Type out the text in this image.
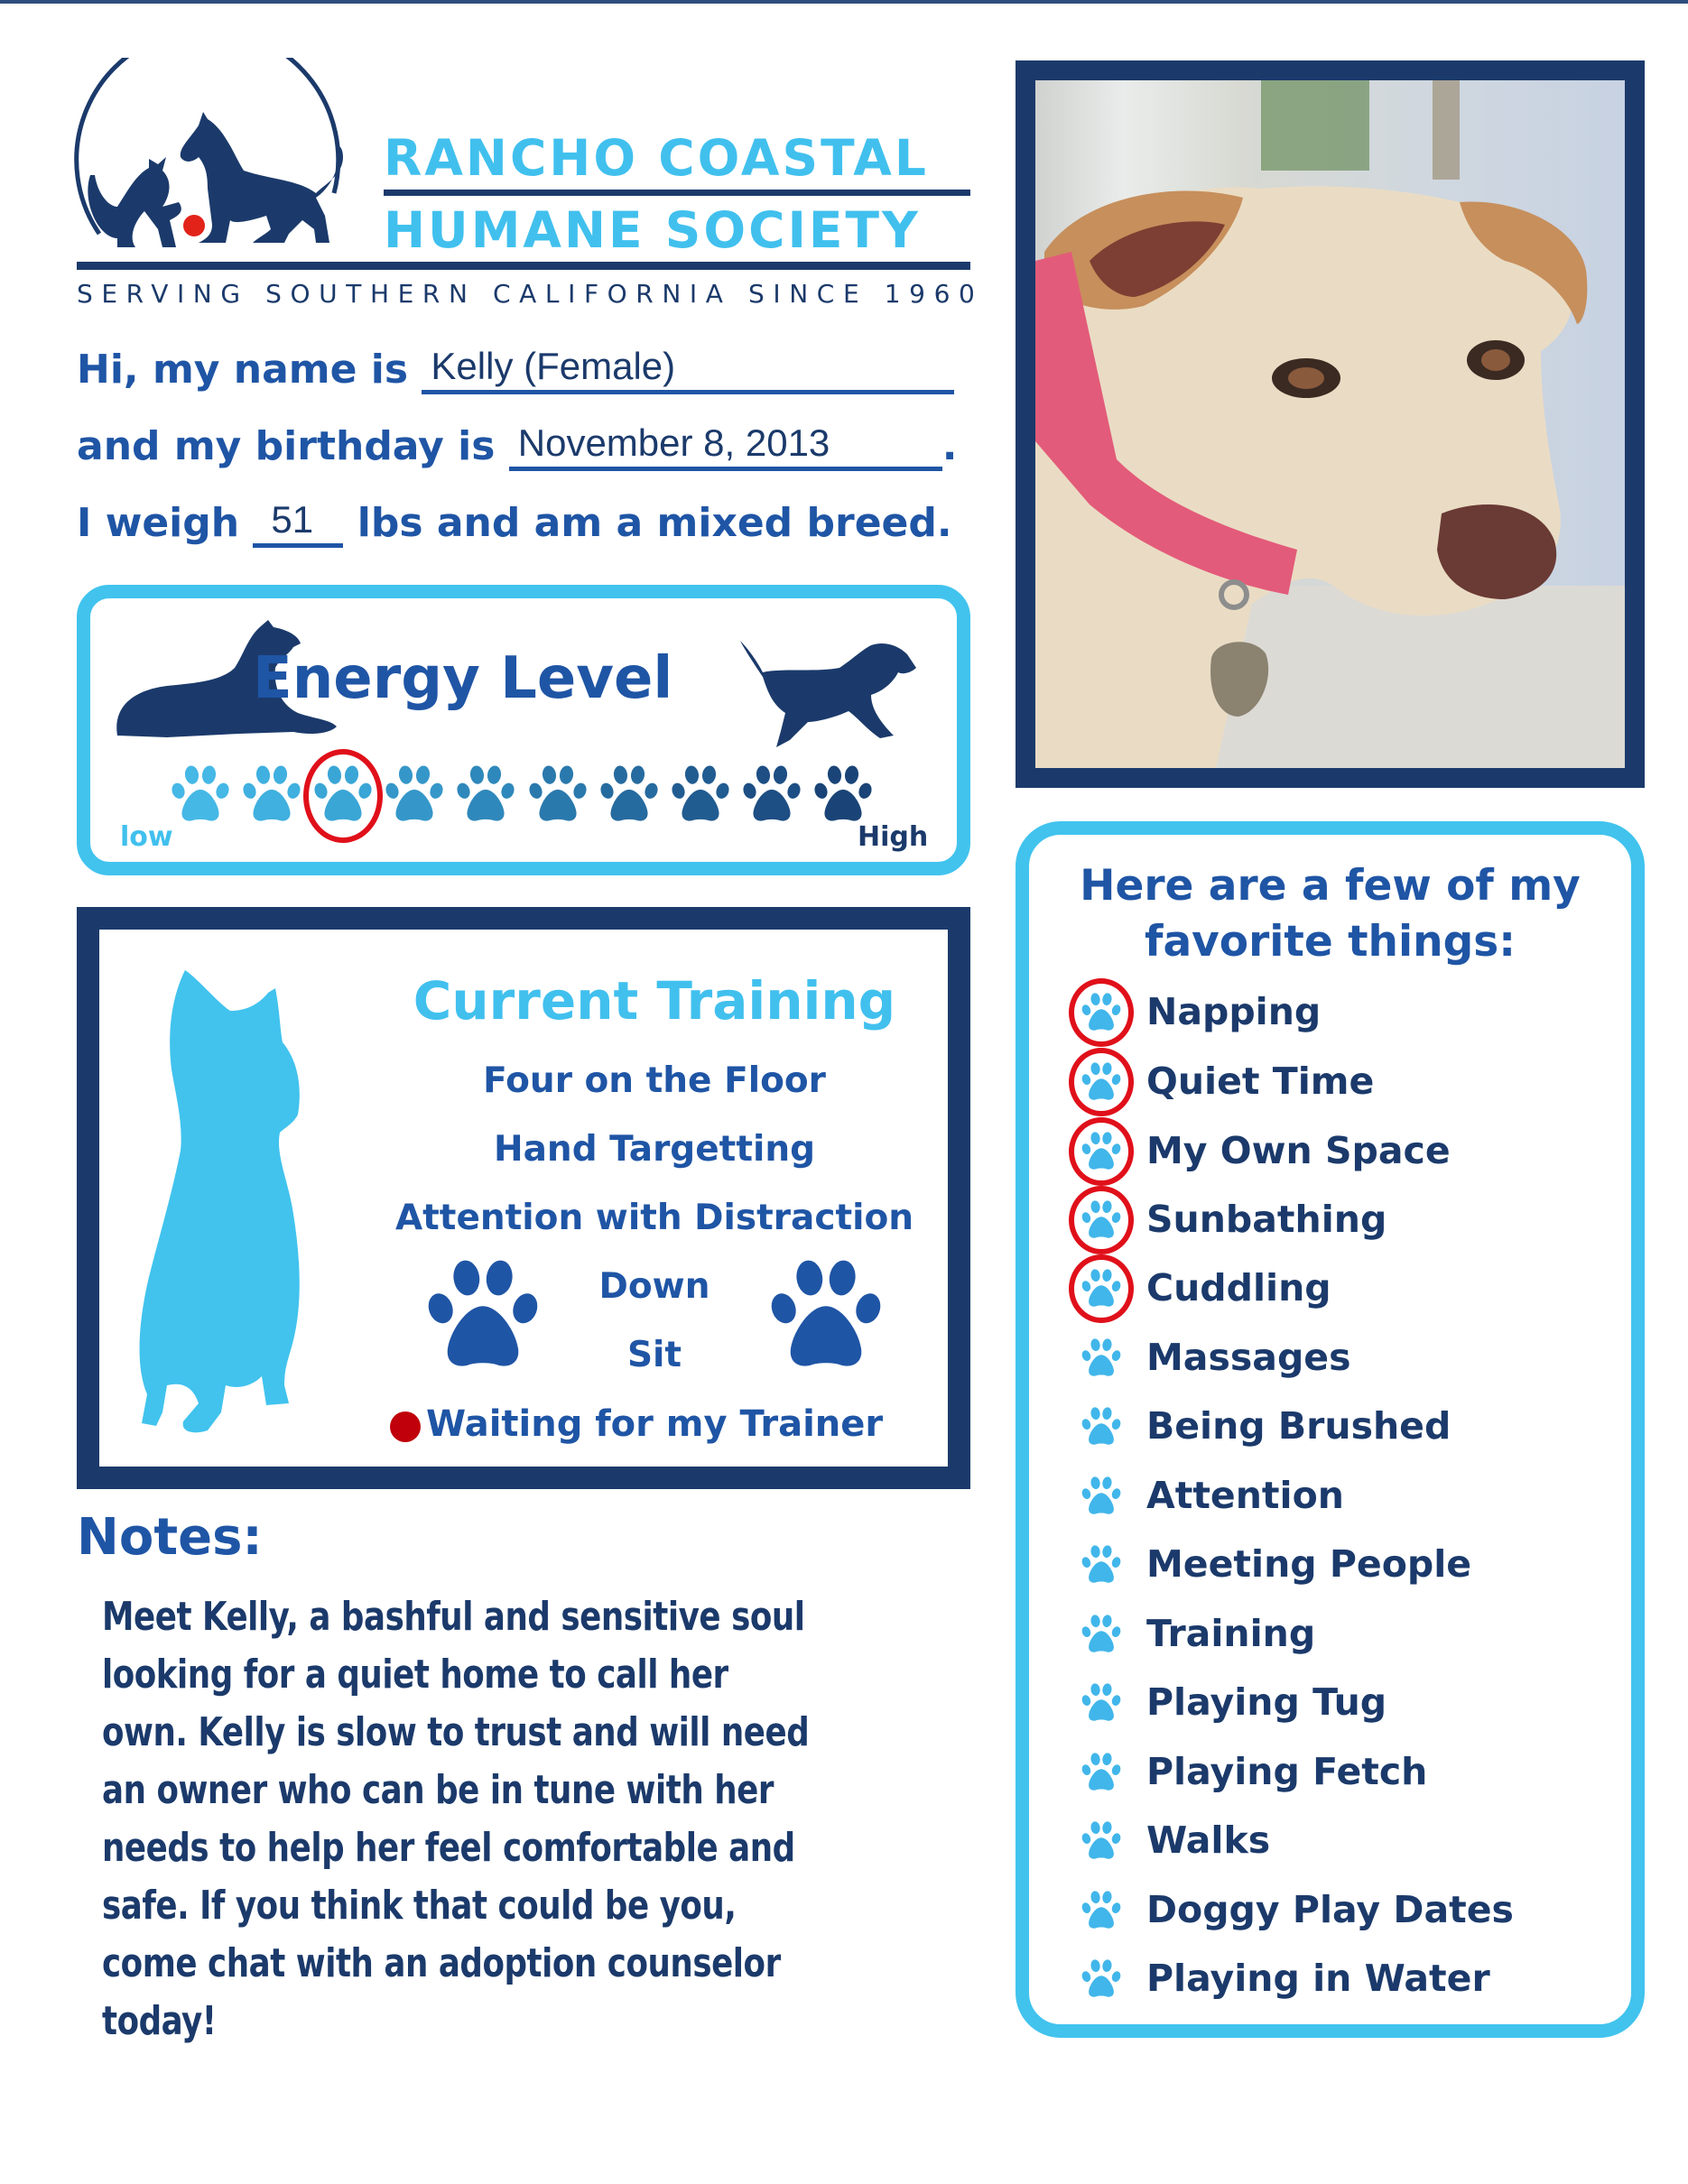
RANCHO COASTAL
HUMANE SOCIETY
SERVING SOUTHERN CALIFORNIA SINCE 1960
Hi, my name is Kelly (Female)
and my birthday is November 8, 2013	.
I weigh 51 lbs and am a mixed breed.
Energy Level
low	High
Current Training
Four on the Floor
Hand Targetting
Attention with Distraction
Down
Sit
Waiting for my Trainer
Notes:
Meet Kelly, a bashful and sensitive soul
looking for a quiet home to call her
own. Kelly is slow to trust and will need
an owner who can be in tune with her
needs to help her feel comfortable and
safe. If you think that could be you,
come chat with an adoption counselor
today!
Here are a few of my
favorite things:
Napping
Quiet Time
My Own Space
Sunbathing
Cuddling
Massages
Being Brushed
Attention
Meeting People
Training
Playing Tug
Playing Fetch
Walks
Doggy Play Dates
Playing in Water
